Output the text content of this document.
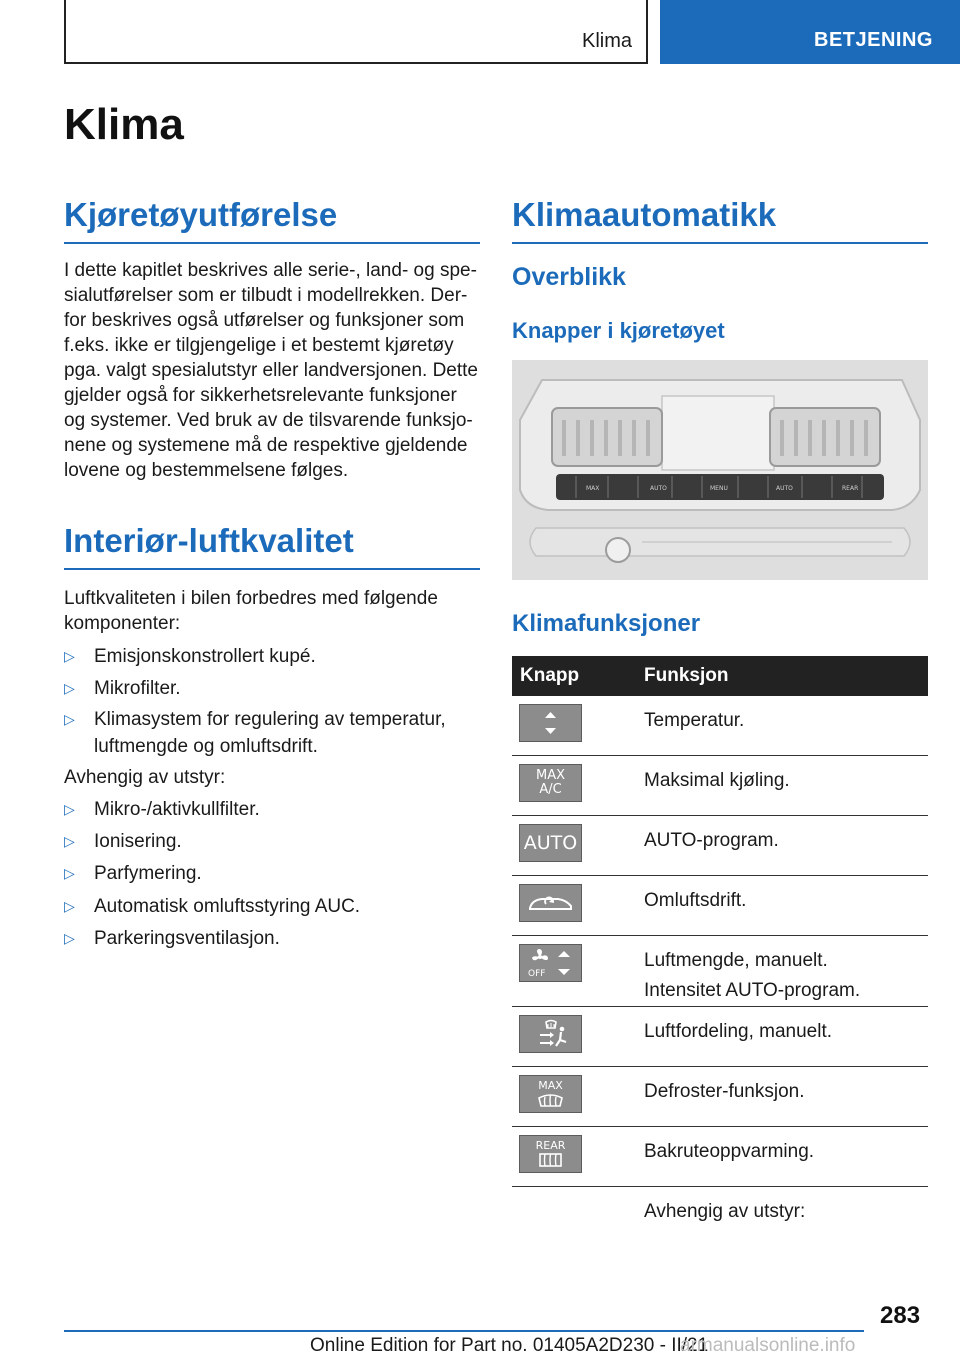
Klima	BETJENING
Klima
Kjøretøyutførelse
I dette kapitlet beskrives alle serie-, land- og spe-
sialutførelser som er tilbudt i modellrekken. Der-
for beskrives også utførelser og funksjoner som
f.eks. ikke er tilgjengelige i et bestemt kjøretøy
pga. valgt spesialutstyr eller landversjonen. Dette
gjelder også for sikkerhetsrelevante funksjoner
og systemer. Ved bruk av de tilsvarende funksjo-
nene og systemene må de respektive gjeldende
lovene og bestemmelsene følges.
Interiør-luftkvalitet
Luftkvaliteten i bilen forbedres med følgende
komponenter:
▷ Emisjonskonstrollert kupé.
▷ Mikrofilter.
▷ Klimasystem for regulering av temperatur,
luftmengde og omluftsdrift.
Avhengig av utstyr:
▷ Mikro-/aktivkullfilter.
▷ Ionisering.
▷ Parfymering.
▷ Automatisk omluftsstyring AUC.
▷ Parkeringsventilasjon.
Klimaautomatikk
Overblikk
Knapper i kjøretøyet
MAX	MENU
AUTO	AUTO	REAR
Klimafunksjoner
Knapp	Funksjon

	Temperatur.

MAX
A/C	Maksimal kjøling.

AUTO	AUTO-program.

	Omluftsdrift.

OFF	Luftmengde, manuelt.
Intensitet AUTO-program.

	Luftfordeling, manuelt.

MAX	Defroster-funksjon.

REAR	Bakruteoppvarming.
	Avhengig av utstyr:
283
Online Edition for Part no. 01405A2D230 - II/21
armanualsonline.info
